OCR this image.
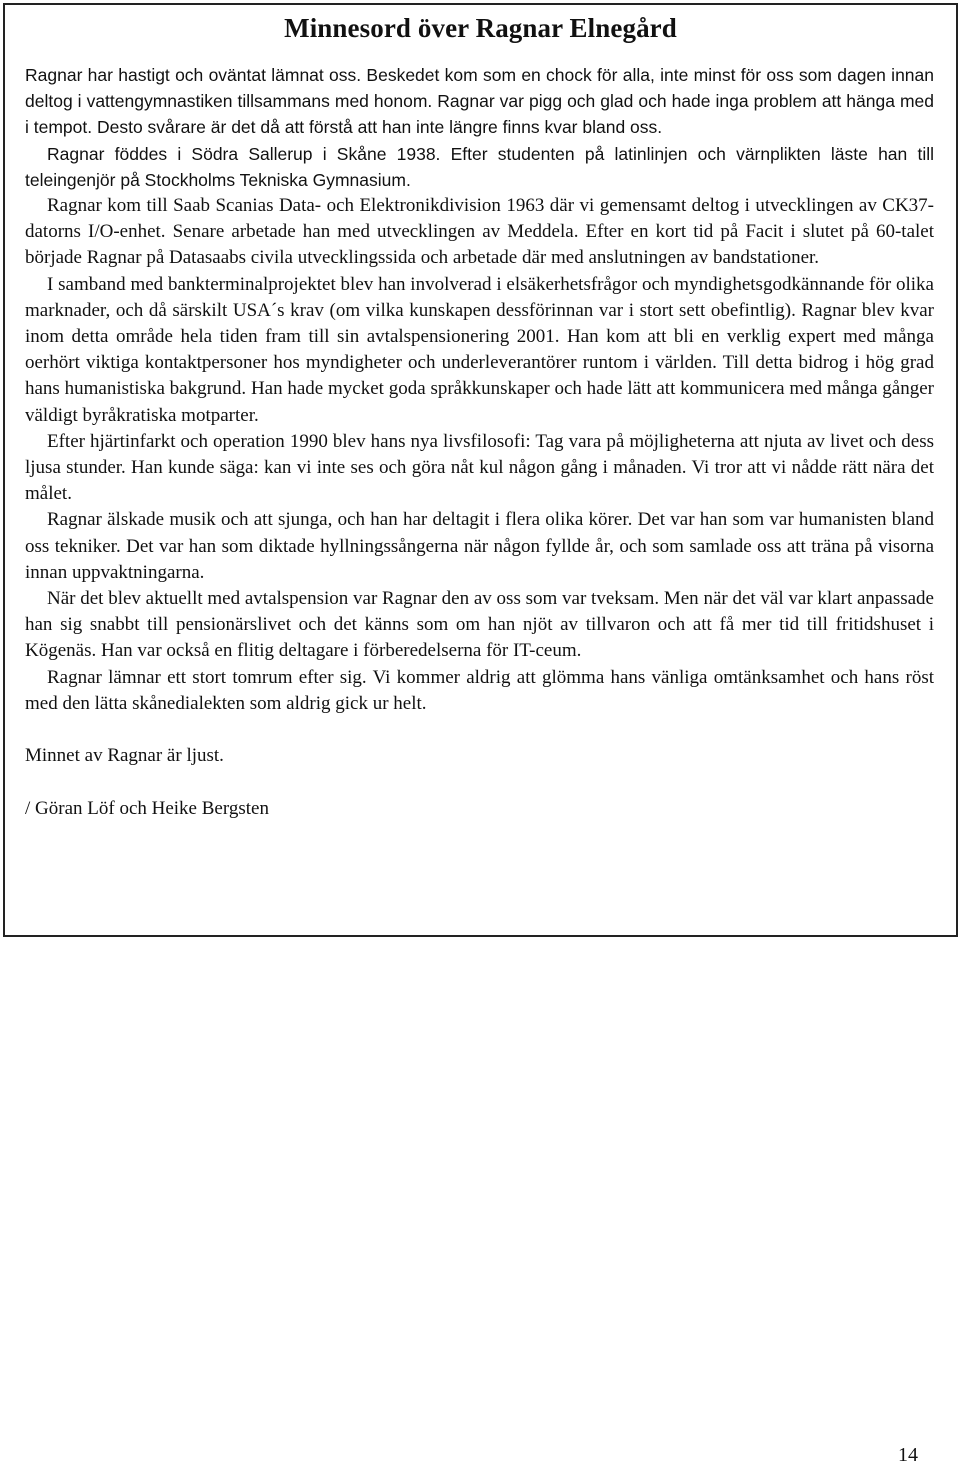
Minnesord över Ragnar Elnegård

Ragnar har hastigt och oväntat lämnat oss. Beskedet kom som en chock för alla, inte minst för oss som dagen innan deltog i vattengymnastiken tillsammans med honom. Ragnar var pigg och glad och hade inga problem att hänga med i tempot. Desto svårare är det då att förstå att han inte längre finns kvar bland oss.

Ragnar föddes i Södra Sallerup i Skåne 1938. Efter studenten på latinlinjen och värnplikten läste han till teleingenjör på Stockholms Tekniska Gymnasium.

Ragnar kom till Saab Scanias Data- och Elektronikdivision 1963 där vi gemensamt deltog i utvecklingen av CK37-datorns I/O-enhet. Senare arbetade han med utvecklingen av Meddela. Efter en kort tid på Facit i slutet på 60-talet började Ragnar på Datasaabs civila utvecklingssida och arbetade där med anslutningen av bandstationer.

I samband med bankterminalprojektet blev han involverad i elsäkerhetsfrågor och myndighetsgodkännande för olika marknader, och då särskilt USA´s krav (om vilka kunskapen dessförinnan var i stort sett obefintlig). Ragnar blev kvar inom detta område hela tiden fram till sin avtalspensionering 2001. Han kom att bli en verklig expert med många oerhört viktiga kontaktpersoner hos myndigheter och underleverantörer runtom i världen. Till detta bidrog i hög grad hans humanistiska bakgrund. Han hade mycket goda språkkunskaper och hade lätt att kommunicera med många gånger väldigt byråkratiska motparter.

Efter hjärtinfarkt och operation 1990 blev hans nya livsfilosofi: Tag vara på möjligheterna att njuta av livet och dess ljusa stunder. Han kunde säga: kan vi inte ses och göra nåt kul någon gång i månaden. Vi tror att vi nådde rätt nära det målet.

Ragnar älskade musik och att sjunga, och han har deltagit i flera olika körer. Det var han som var humanisten bland oss tekniker. Det var han som diktade hyllningssångerna när någon fyllde år, och som samlade oss att träna på visorna innan uppvaktningarna.

När det blev aktuellt med avtalspension var Ragnar den av oss som var tveksam. Men när det väl var klart anpassade han sig snabbt till pensionärslivet och det känns som om han njöt av tillvaron och att få mer tid till fritidshuset i Kögenäs. Han var också en flitig deltagare i förberedelserna för IT-ceum.

Ragnar lämnar ett stort tomrum efter sig. Vi kommer aldrig att glömma hans vänliga omtänksamhet och hans röst med den lätta skånedialekten som aldrig gick ur helt.

Minnet av Ragnar är ljust.

/ Göran Löf och Heike Bergsten

14
